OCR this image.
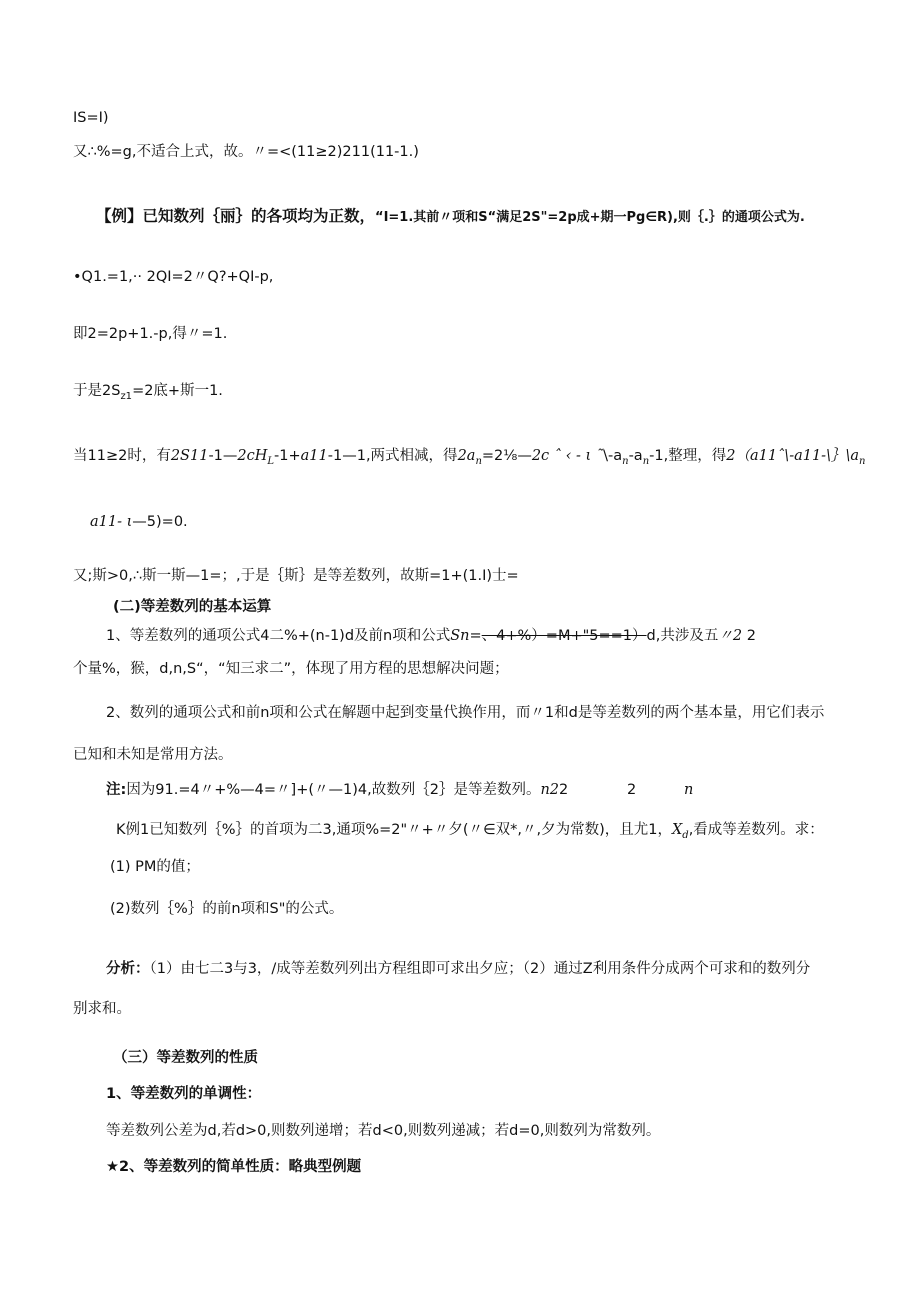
IS=I)
又∴%=g,不适合上式，故。〃=<(11≥2)211(11-1.)
【例】已知数列｛丽｝的各项均为正数，“I=1.其前〃项和S“满足2S"=2p成+期一Pg∈R),则｛.｝的通项公式为.
•Q1.=1,·· 2QI=2〃Q?+QI-p,
即2=2p+1.-p,得〃=1.
于是$2S_{z1}=2$底+斯一1.
当11≥2时，有$2S11-1—2cH_L-1+a11-1—1$,两式相减，得$2a_n=2\frac{1}{8}—2c$ ˆ ‹ - ι $˜\backslash-a_n-a_n-1$,整理，得$2(a11ˆ\backslash-a11-\backslash\}\backslash a_n$
a11- ι—5)=0.
又;斯>0,∴斯一斯—1=；,于是｛斯｝是等差数列，故斯=1+(1.I)士=
(二)等差数列的基本运算
1、等差数列的通项公式4二%+(n-1)d及前n项和公式Sn=、4+%）=M+"5==1）d,共涉及五〃2 2
个量%，猴，d,n,S“，“知三求二”，体现了用方程的思想解决问题；
2、数列的通项公式和前n项和公式在解题中起到变量代换作用，而〃1和d是等差数列的两个基本量，用它们表示
已知和未知是常用方法。
注:因为91.=4〃+%—4=〃]+(〃—1)4,故数列｛2｝是等差数列。n22	2	n
K例1已知数列｛%｝的首项为二3,通项%=2"〃+〃夕(〃∈双*,〃,夕为常数)，且尤1，$X_d$,看成等差数列。求：
(1) PM的值；
(2)数列｛%｝的前n项和S"的公式。
分析：（1）由七二3与3，/成等差数列列出方程组即可求出夕应；（2）通过Z利用条件分成两个可求和的数列分
别求和。
（三）等差数列的性质
1、等差数列的单调性：
等差数列公差为d,若d>0,则数列递增；若d<0,则数列递减；若d=0,则数列为常数列。
★2、等差数列的简单性质：略典型例题
